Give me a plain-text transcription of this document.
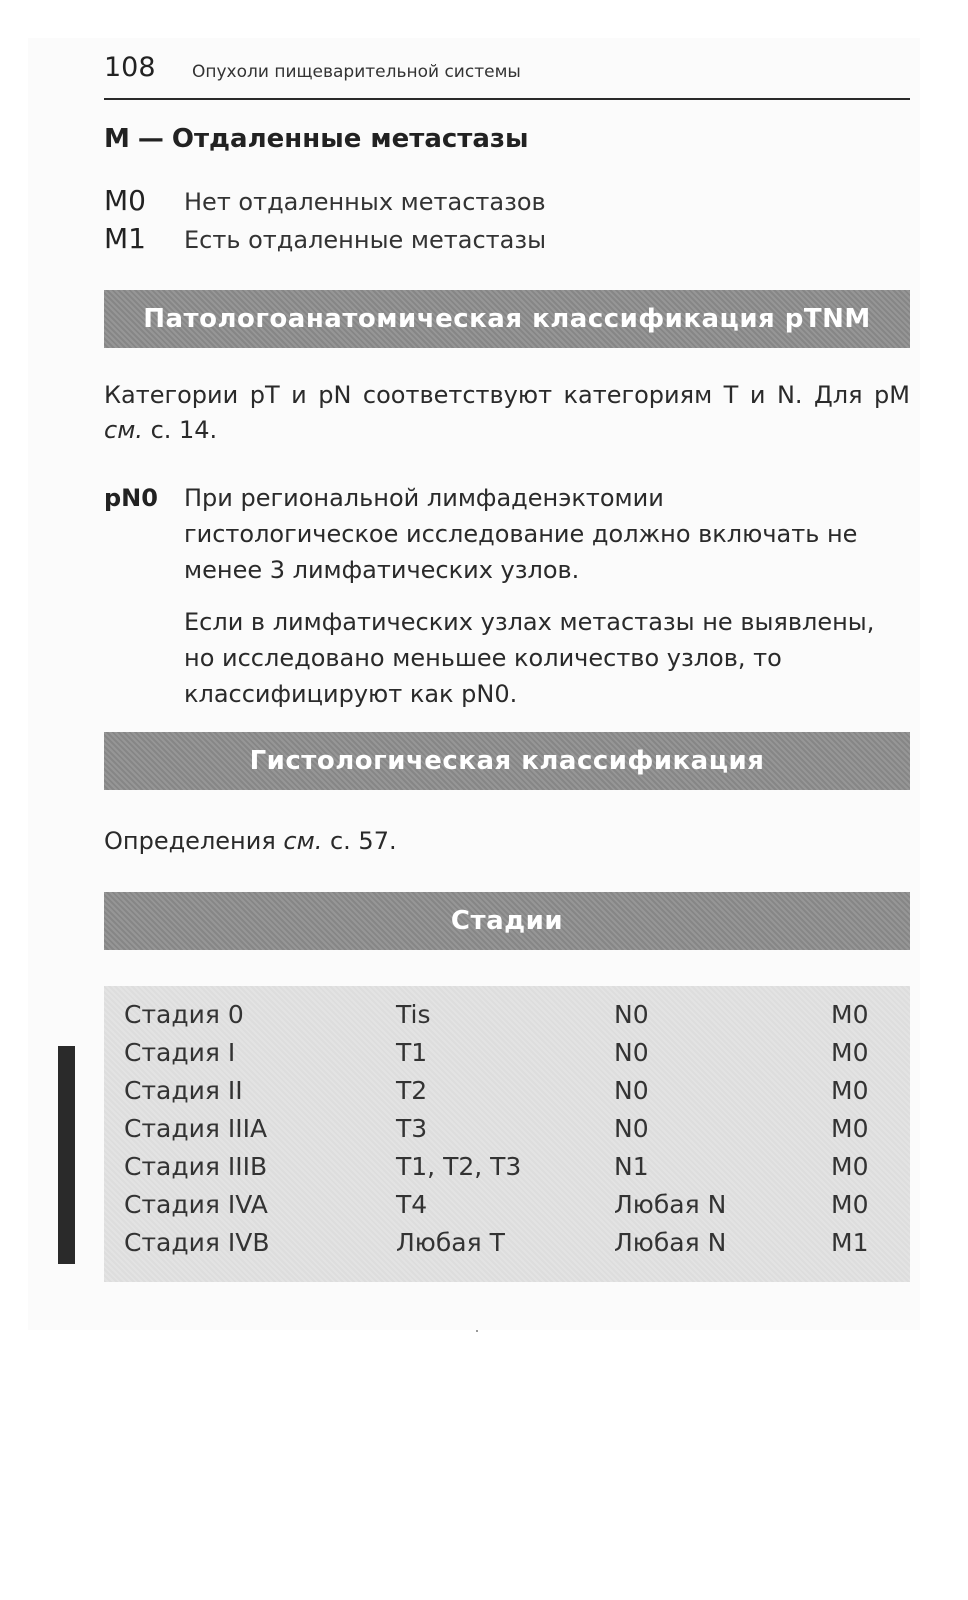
108 Опухоли пищеварительной системы
М — Отдаленные метастазы
М0 Нет отдаленных метастазов
М1 Есть отдаленные метастазы
Патологоанатомическая классификация pTNM
Категории pT и pN соответствуют категориям Т и N. Для pM см. с. 14.
pN0 При региональной лимфаденэктомии гистологическое исследование должно включать не менее 3 лимфатических узлов.

Если в лимфатических узлах метастазы не выявлены, но исследовано меньшее количество узлов, то классифицируют как pN0.

Гистологическая классификация
Определения см. с. 57.
Стадии
Стадия 0	Tis	N0	M0
Стадия I	T1	N0	M0
Стадия II	T2	N0	M0
Стадия IIIA	T3	N0	M0
Стадия IIIB	T1, T2, T3	N1	M0
Стадия IVA	T4	Любая N	M0
Стадия IVB	Любая Т	Любая N	M1
